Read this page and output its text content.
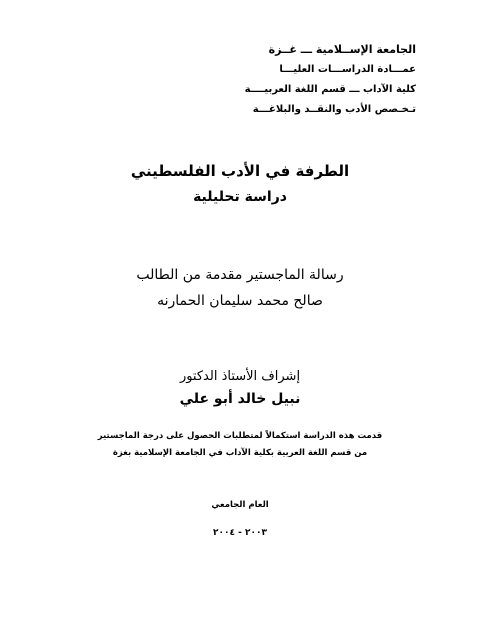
الجامعة الإســلامية ـــ غــزة
عمـــادة الدراســـات العليـــا
كلية الآداب ـــ قسم اللغة العربيــــة
تـخـصص الأدب والنقــد والبلاغـــة
الطرفة في الأدب الفلسطيني
دراسة تحليلية
رسالة الماجستير مقدمة من الطالب
صالح محمد سليمان الحمارنه
إشراف الأستاذ الدكتور
نبيل خالد أبو علي
قدمت هذه الدراسة استكمالاً لمتطلبات الحصول على درجة الماجستير
من قسم اللغة العربية بكلية الآداب في الجامعة الإسلامية بغزة
العام الجامعي
٢٠٠٣ - ٢٠٠٤
